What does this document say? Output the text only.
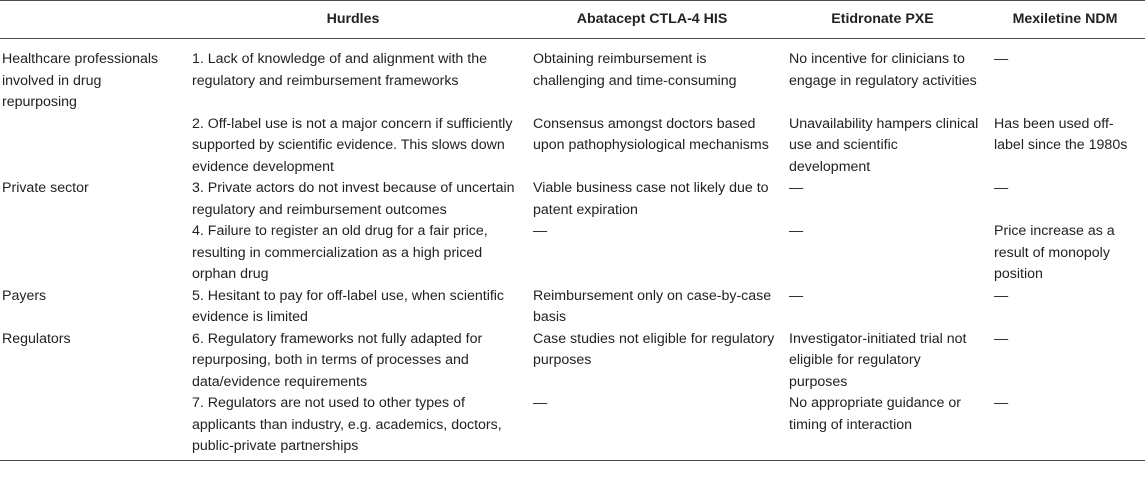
	Hurdles	Abatacept CTLA-4 HIS	Etidronate PXE	Mexiletine NDM
Healthcare professionals involved in drug repurposing	1. Lack of knowledge of and alignment with the regulatory and reimbursement frameworks	Obtaining reimbursement is challenging and time-consuming	No incentive for clinicians to engage in regulatory activities	—
	2. Off-label use is not a major concern if sufficiently supported by scientific evidence. This slows down evidence development	Consensus amongst doctors based upon pathophysiological mechanisms	Unavailability hampers clinical use and scientific development	Has been used off-label since the 1980s
Private sector	3. Private actors do not invest because of uncertain regulatory and reimbursement outcomes	Viable business case not likely due to patent expiration	—	—
	4. Failure to register an old drug for a fair price, resulting in commercialization as a high priced orphan drug	—	—	Price increase as a result of monopoly position
Payers	5. Hesitant to pay for off-label use, when scientific evidence is limited	Reimbursement only on case-by-case basis	—	—
Regulators	6. Regulatory frameworks not fully adapted for repurposing, both in terms of processes and data/evidence requirements	Case studies not eligible for regulatory purposes	Investigator-initiated trial not eligible for regulatory purposes	—
	7. Regulators are not used to other types of applicants than industry, e.g. academics, doctors, public-private partnerships	—	No appropriate guidance or timing of interaction	—
